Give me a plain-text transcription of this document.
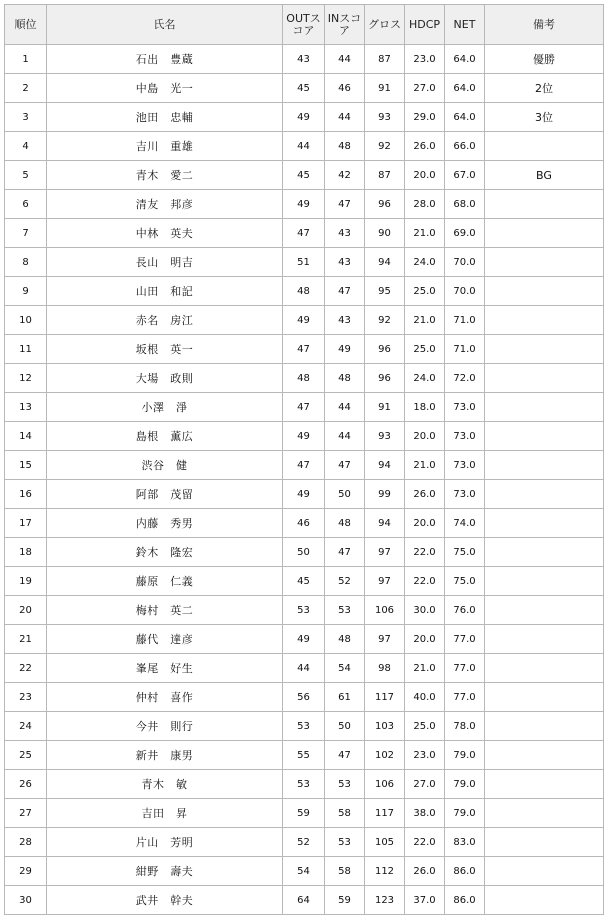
順位	氏名	OUTスコア	INスコア	グロス	HDCP	NET	備考
1	石出　豊蔵	43	44	87	23.0	64.0	優勝
2	中島　光一	45	46	91	27.0	64.0	2位
3	池田　忠輔	49	44	93	29.0	64.0	3位
4	吉川　重雄	44	48	92	26.0	66.0	
5	青木　愛二	45	42	87	20.0	67.0	BG
6	清友　邦彦	49	47	96	28.0	68.0	
7	中林　英夫	47	43	90	21.0	69.0	
8	長山　明吉	51	43	94	24.0	70.0	
9	山田　和記	48	47	95	25.0	70.0	
10	赤名　房江	49	43	92	21.0	71.0	
11	坂根　英一	47	49	96	25.0	71.0	
12	大場　政則	48	48	96	24.0	72.0	
13	小澤　淨	47	44	91	18.0	73.0	
14	島根　薫広	49	44	93	20.0	73.0	
15	渋谷　健	47	47	94	21.0	73.0	
16	阿部　茂留	49	50	99	26.0	73.0	
17	内藤　秀男	46	48	94	20.0	74.0	
18	鈴木　隆宏	50	47	97	22.0	75.0	
19	藤原　仁義	45	52	97	22.0	75.0	
20	梅村　英二	53	53	106	30.0	76.0	
21	藤代　達彦	49	48	97	20.0	77.0	
22	峯尾　好生	44	54	98	21.0	77.0	
23	仲村　喜作	56	61	117	40.0	77.0	
24	今井　則行	53	50	103	25.0	78.0	
25	新井　康男	55	47	102	23.0	79.0	
26	青木　敏	53	53	106	27.0	79.0	
27	吉田　昇	59	58	117	38.0	79.0	
28	片山　芳明	52	53	105	22.0	83.0	
29	紺野　壽夫	54	58	112	26.0	86.0	
30	武井　幹夫	64	59	123	37.0	86.0	
